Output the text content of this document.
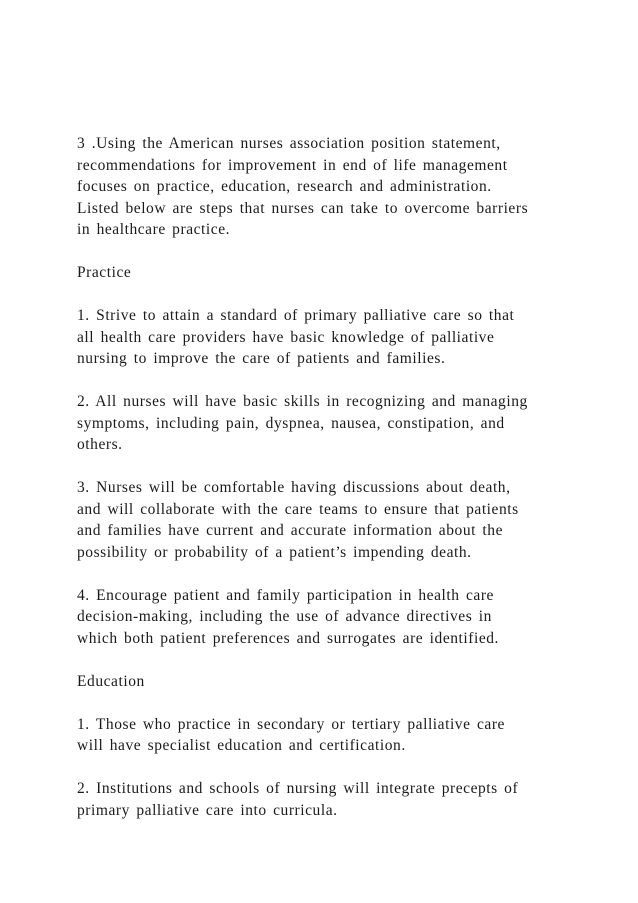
3 .Using the American nurses association position statement,
recommendations for improvement in end of life management
focuses on practice, education, research and administration.
Listed below are steps that nurses can take to overcome barriers
in healthcare practice.
Practice
1. Strive to attain a standard of primary palliative care so that
all health care providers have basic knowledge of palliative
nursing to improve the care of patients and families.
2. All nurses will have basic skills in recognizing and managing
symptoms, including pain, dyspnea, nausea, constipation, and
others.
3. Nurses will be comfortable having discussions about death,
and will collaborate with the care teams to ensure that patients
and families have current and accurate information about the
possibility or probability of a patient’s impending death.
4. Encourage patient and family participation in health care
decision-making, including the use of advance directives in
which both patient preferences and surrogates are identified.
Education
1. Those who practice in secondary or tertiary palliative care
will have specialist education and certification.
2. Institutions and schools of nursing will integrate precepts of
primary palliative care into curricula.
